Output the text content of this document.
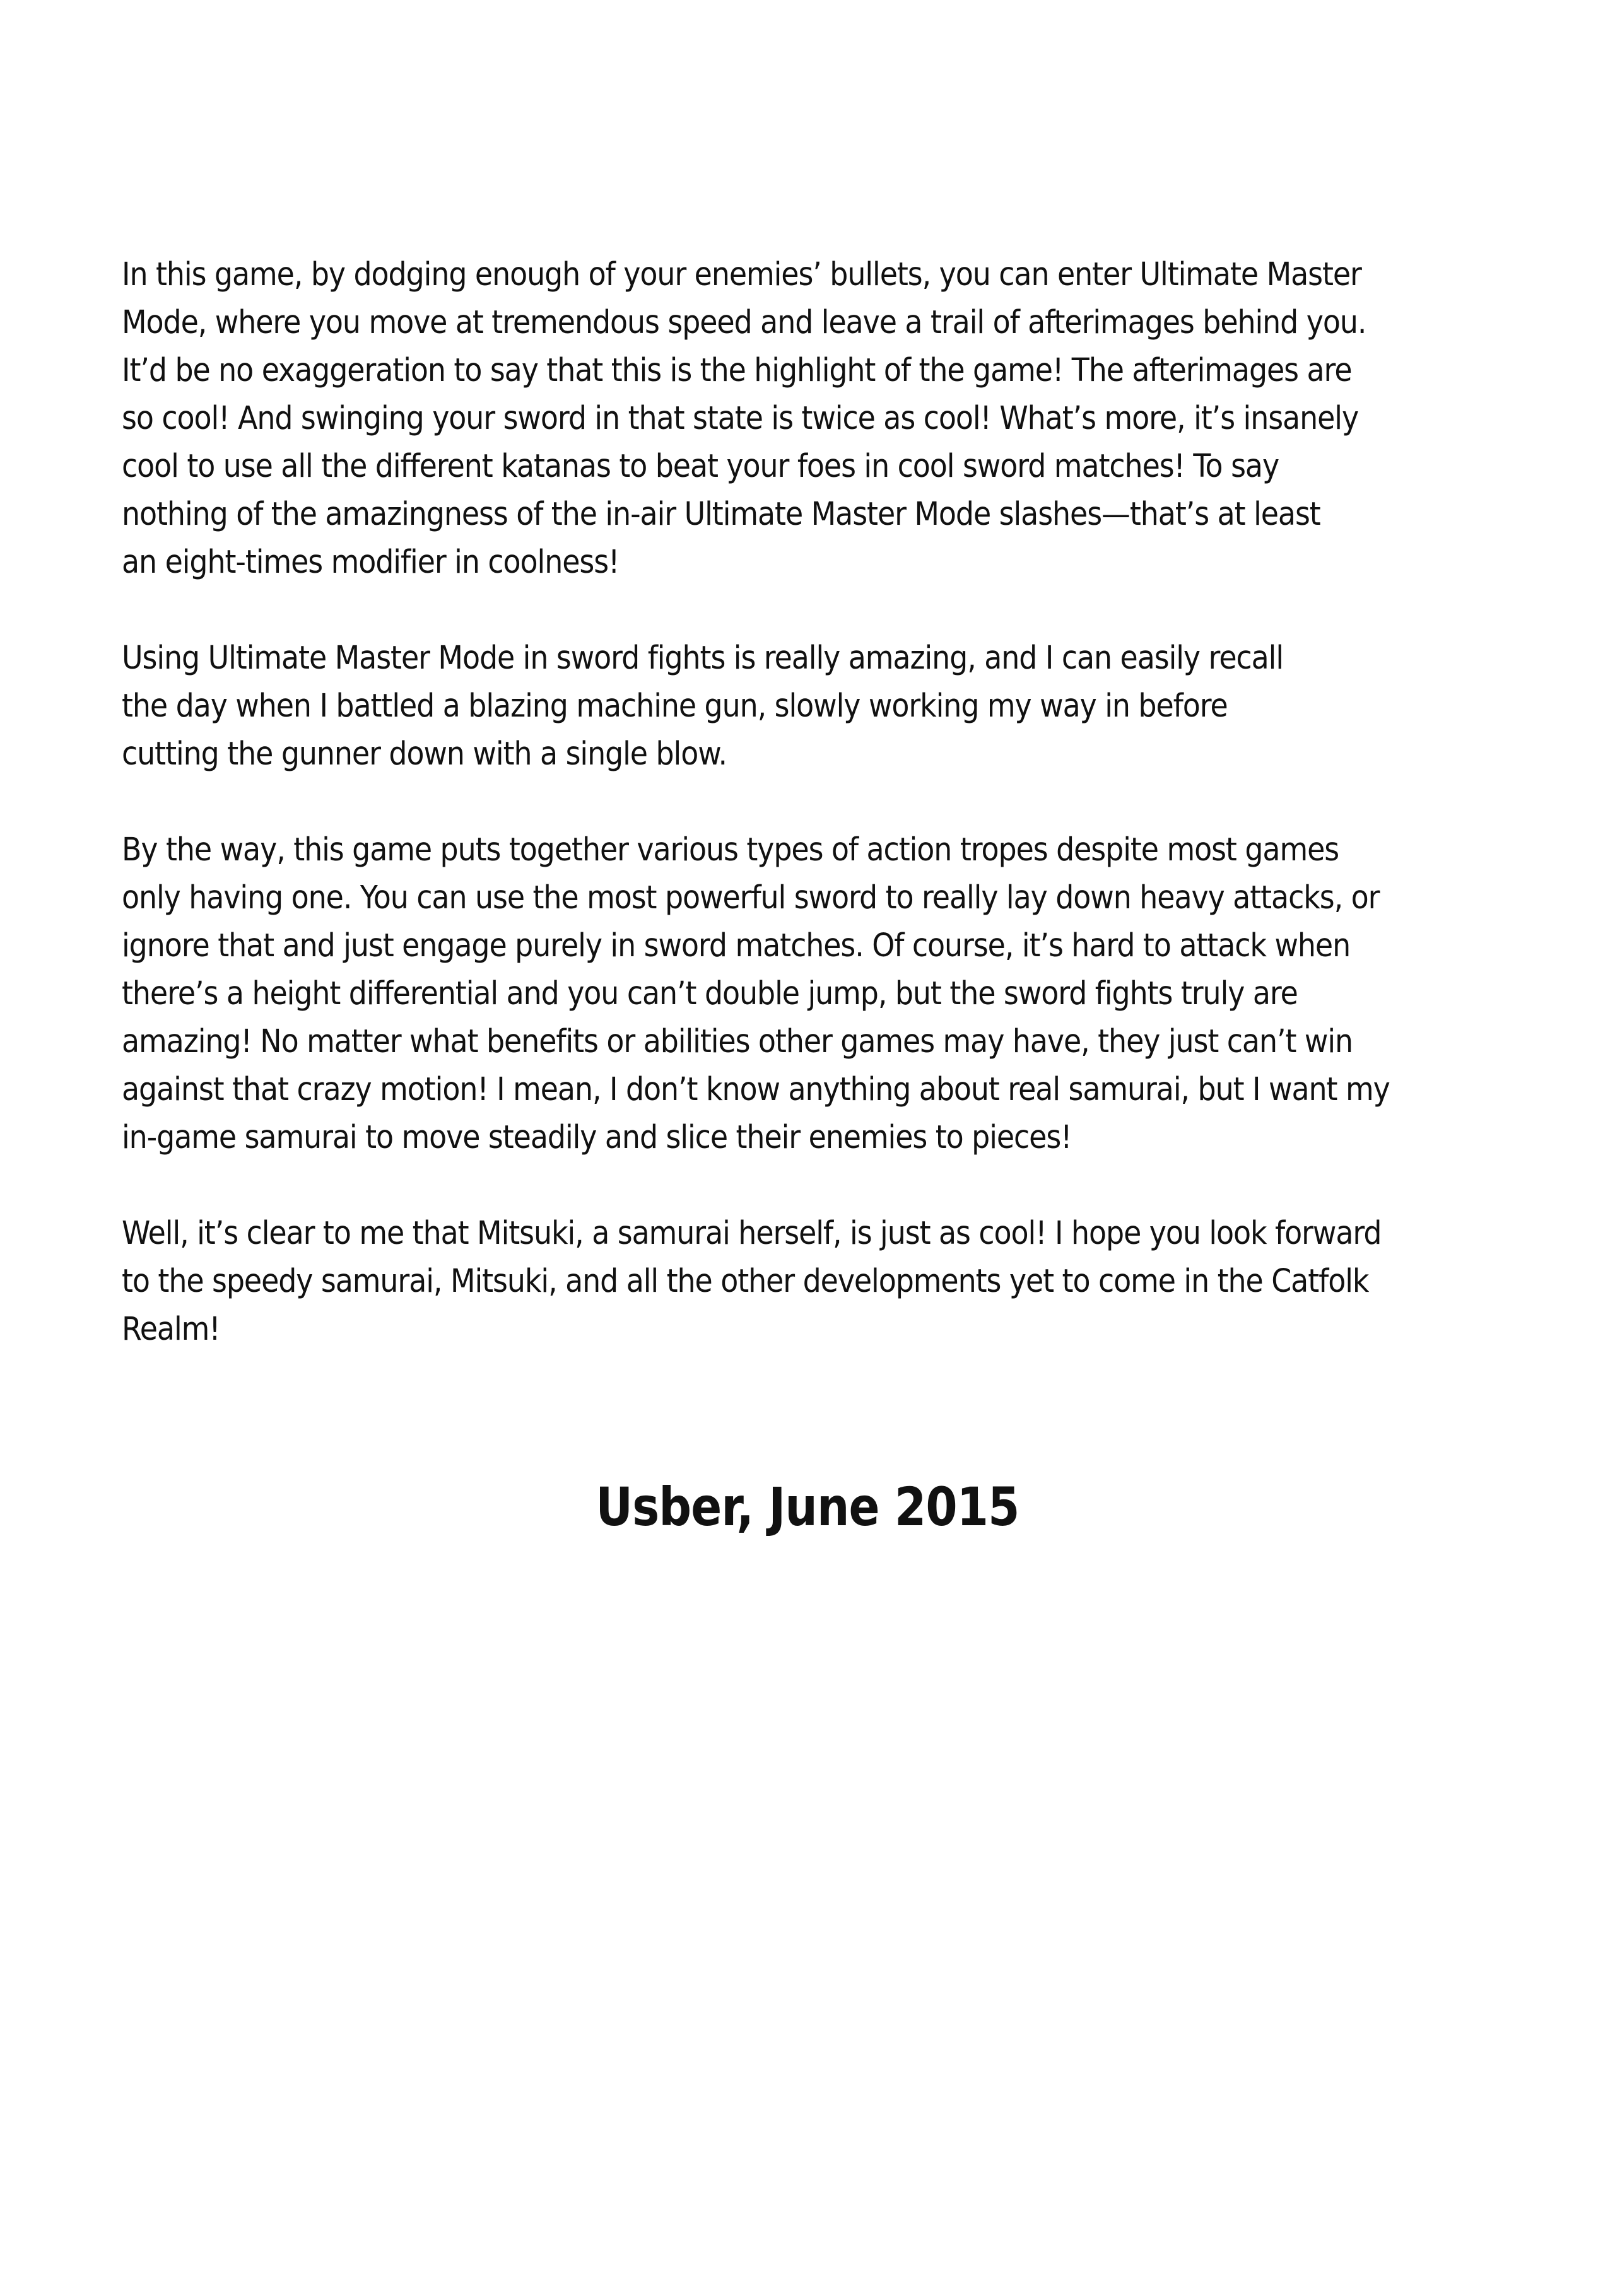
In this game, by dodging enough of your enemies’ bullets, you can enter Ultimate Master
Mode, where you move at tremendous speed and leave a trail of afterimages behind you.
It’d be no exaggeration to say that this is the highlight of the game! The afterimages are
so cool! And swinging your sword in that state is twice as cool! What’s more, it’s insanely
cool to use all the different katanas to beat your foes in cool sword matches! To say
nothing of the amazingness of the in-air Ultimate Master Mode slashes—that’s at least
an eight-times modifier in coolness!

Using Ultimate Master Mode in sword fights is really amazing, and I can easily recall
the day when I battled a blazing machine gun, slowly working my way in before
cutting the gunner down with a single blow.

By the way, this game puts together various types of action tropes despite most games
only having one. You can use the most powerful sword to really lay down heavy attacks, or
ignore that and just engage purely in sword matches. Of course, it’s hard to attack when
there’s a height differential and you can’t double jump, but the sword fights truly are
amazing! No matter what benefits or abilities other games may have, they just can’t win
against that crazy motion! I mean, I don’t know anything about real samurai, but I want my
in-game samurai to move steadily and slice their enemies to pieces!

Well, it’s clear to me that Mitsuki, a samurai herself, is just as cool! I hope you look forward
to the speedy samurai, Mitsuki, and all the other developments yet to come in the Catfolk
Realm!

Usber, June 2015
